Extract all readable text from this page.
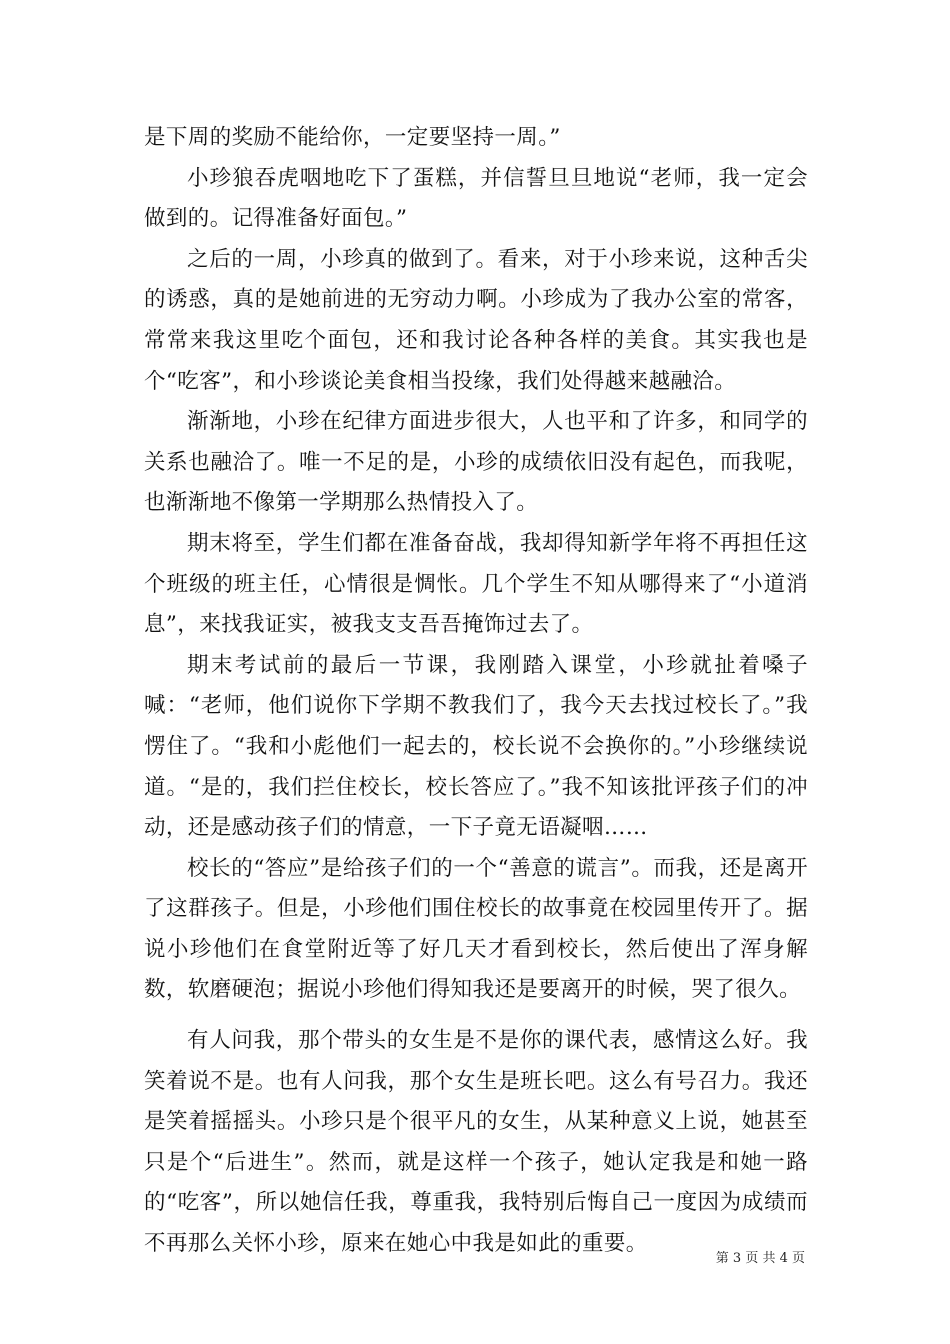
是下周的奖励不能给你，一定要坚持一周。”

小珍狼吞虎咽地吃下了蛋糕，并信誓旦旦地说“老师，我一定会做到的。记得准备好面包。”

之后的一周，小珍真的做到了。看来，对于小珍来说，这种舌尖的诱惑，真的是她前进的无穷动力啊。小珍成为了我办公室的常客，常常来我这里吃个面包，还和我讨论各种各样的美食。其实我也是个“吃客”，和小珍谈论美食相当投缘，我们处得越来越融洽。

渐渐地，小珍在纪律方面进步很大，人也平和了许多，和同学的关系也融洽了。唯一不足的是，小珍的成绩依旧没有起色，而我呢，也渐渐地不像第一学期那么热情投入了。

期末将至，学生们都在准备奋战，我却得知新学年将不再担任这个班级的班主任，心情很是惆怅。几个学生不知从哪得来了“小道消息”，来找我证实，被我支支吾吾掩饰过去了。

期末考试前的最后一节课，我刚踏入课堂，小珍就扯着嗓子喊：“老师，他们说你下学期不教我们了，我今天去找过校长了。”我愣住了。“我和小彪他们一起去的，校长说不会换你的。”小珍继续说道。“是的，我们拦住校长，校长答应了。”我不知该批评孩子们的冲动，还是感动孩子们的情意，一下子竟无语凝咽……

校长的“答应”是给孩子们的一个“善意的谎言”。而我，还是离开了这群孩子。但是，小珍他们围住校长的故事竟在校园里传开了。据说小珍他们在食堂附近等了好几天才看到校长，然后使出了浑身解数，软磨硬泡；据说小珍他们得知我还是要离开的时候，哭了很久。

有人问我，那个带头的女生是不是你的课代表，感情这么好。我笑着说不是。也有人问我，那个女生是班长吧。这么有号召力。我还是笑着摇摇头。小珍只是个很平凡的女生，从某种意义上说，她甚至只是个“后进生”。然而，就是这样一个孩子，她认定我是和她一路的“吃客”，所以她信任我，尊重我，我特别后悔自己一度因为成绩而不再那么关怀小珍，原来在她心中我是如此的重要。

第 3 页 共 4 页
